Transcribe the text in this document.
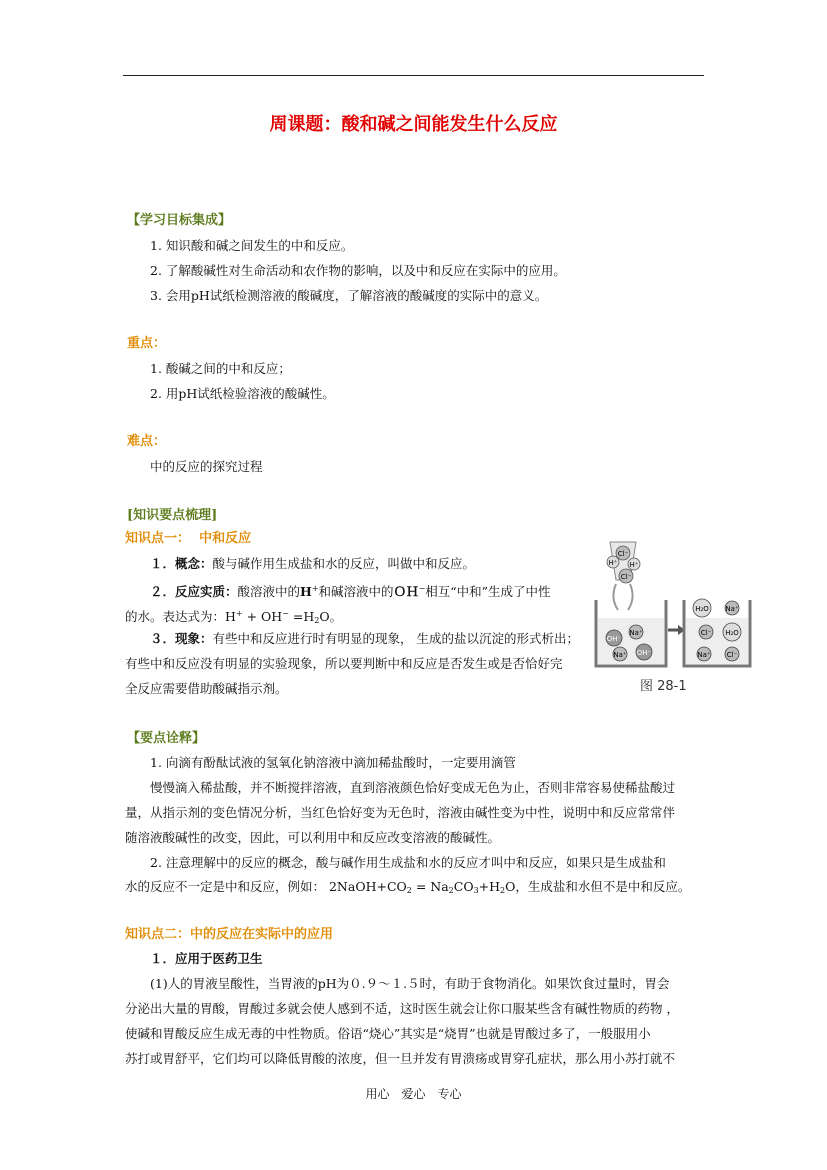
周课题：酸和碱之间能发生什么反应
【学习目标集成】
1. 知识酸和碱之间发生的中和反应。
2. 了解酸碱性对生命活动和农作物的影响，以及中和反应在实际中的应用。
3. 会用pH试纸检测溶液的酸碱度，了解溶液的酸碱度的实际中的意义。
重点：
1. 酸碱之间的中和反应；
2. 用pH试纸检验溶液的酸碱性。
难点：
中的反应的探究过程
[知识要点梳理]
知识点一： 中和反应
１．概念：酸与碱作用生成盐和水的反应，叫做中和反应。
２．反应实质：酸溶液中的H+和碱溶液中的ＯＨ−相互“中和”生成了中性
的水。表达式为：$H^+ + OH^- =H_2O$。
３．现象：有些中和反应进行时有明显的现象， 生成的盐以沉淀的形式析出；
有些中和反应没有明显的实验现象，所以要判断中和反应是否发生或是否恰好完
全反应需要借助酸碱指示剂。
Cl⁻
H⁺ H⁺
Cl⁻
OH⁻
Na⁺
Na⁺ OH⁻
H₂O Na⁺
Cl⁻ H₂O
Na⁺ Cl⁻
图 28-1
【要点诠释】
1. 向滴有酚酞试液的氢氧化钠溶液中滴加稀盐酸时，一定要用滴管
慢慢滴入稀盐酸，并不断搅拌溶液，直到溶液颜色恰好变成无色为止，否则非常容易使稀盐酸过
量，从指示剂的变色情况分析，当红色恰好变为无色时，溶液由碱性变为中性，说明中和反应常常伴
随溶液酸碱性的改变，因此，可以利用中和反应改变溶液的酸碱性。
2. 注意理解中的反应的概念，酸与碱作用生成盐和水的反应才叫中和反应，如果只是生成盐和
水的反应不一定是中和反应，例如： $2NaOH+CO_2 = Na_2CO_3+H_2O$，生成盐和水但不是中和反应。
知识点二：中的反应在实际中的应用
１．应用于医药卫生
(1)人的胃液呈酸性，当胃液的pH为０.９～１.５时，有助于食物消化。如果饮食过量时，胃会
分泌出大量的胃酸，胃酸过多就会使人感到不适，这时医生就会让你口服某些含有碱性物质的药物 ，
使碱和胃酸反应生成无毒的中性物质。俗语“烧心”其实是“烧胃”也就是胃酸过多了，一般服用小
苏打或胃舒平，它们均可以降低胃酸的浓度，但一旦并发有胃溃疡或胃穿孔症状，那么用小苏打就不
用心　爱心　专心
